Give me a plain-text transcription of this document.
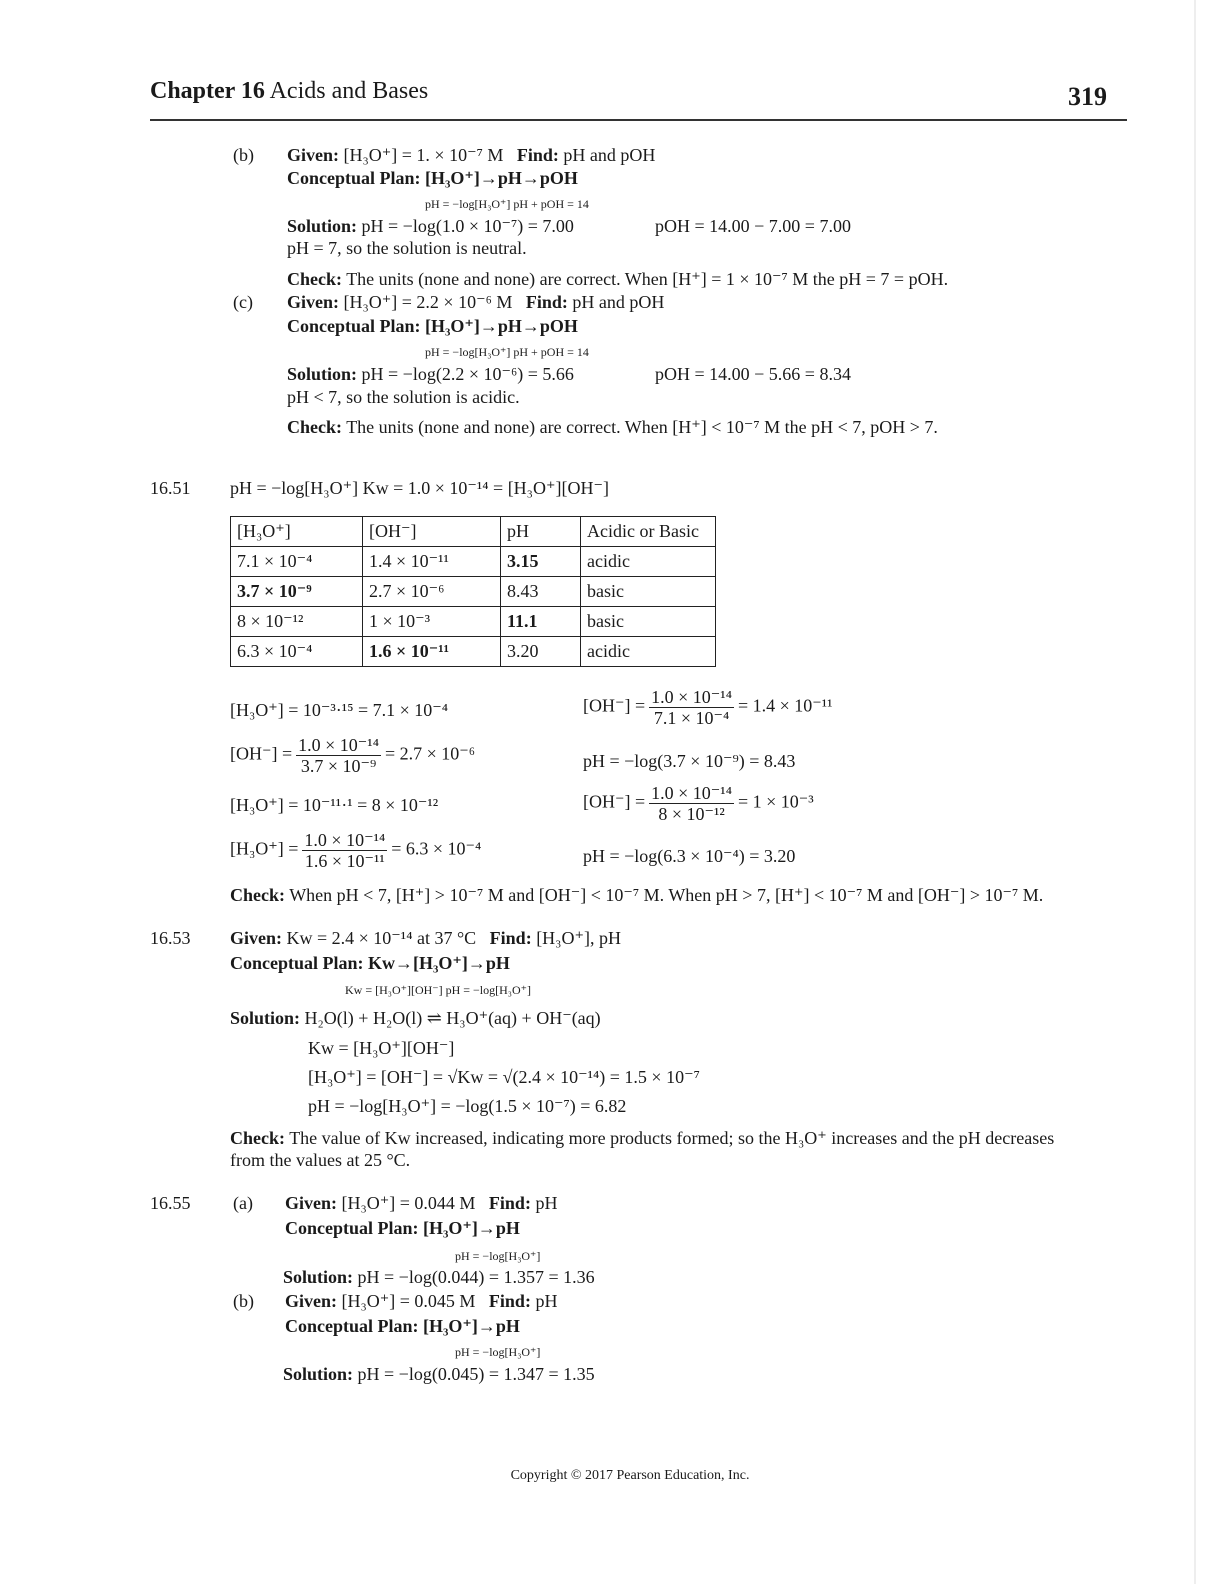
Chapter 16 Acids and Bases	319
(b) Given: [H₃O⁺] = 1. × 10⁻⁷ M Find: pH and pOH
Conceptual Plan: [H₃O⁺]→pH→pOH
pH = −log[H₃O⁺] pH + pOH = 14
Solution: pH = −log(1.0 × 10⁻⁷) = 7.00	pOH = 14.00 − 7.00 = 7.00
pH = 7, so the solution is neutral.
Check: The units (none and none) are correct. When [H⁺] = 1 × 10⁻⁷ M the pH = 7 = pOH.
(c) Given: [H₃O⁺] = 2.2 × 10⁻⁶ M Find: pH and pOH
Conceptual Plan: [H₃O⁺]→pH→pOH
pH = −log[H₃O⁺] pH + pOH = 14
Solution: pH = −log(2.2 × 10⁻⁶) = 5.66	pOH = 14.00 − 5.66 = 8.34
pH < 7, so the solution is acidic.
Check: The units (none and none) are correct. When [H⁺] < 10⁻⁷ M the pH < 7, pOH > 7.
16.51 pH = −log[H₃O⁺] Kw = 1.0 × 10⁻¹⁴ = [H₃O⁺][OH⁻]
[H₃O⁺]	[OH⁻]	pH	Acidic or Basic
7.1 × 10⁻⁴	1.4 × 10⁻¹¹	3.15	acidic
3.7 × 10⁻⁹	2.7 × 10⁻⁶	8.43	basic
8 × 10⁻¹²	1 × 10⁻³	11.1	basic
6.3 × 10⁻⁴	1.6 × 10⁻¹¹	3.20	acidic
[H₃O⁺] = 10⁻³·¹⁵ = 7.1 × 10⁻⁴	$[OH^-] = \frac{\text{1.0 × 10⁻¹⁴}}{\text{7.1 × 10⁻⁴}} = 1.4 \times 10^{-11}$
$[OH^-] = \frac{\text{1.0 × 10⁻¹⁴}}{\text{3.7 × 10⁻⁹}} = 2.7 \times 10^{-6}$	pH = −log(3.7 × 10⁻⁹) = 8.43
[H₃O⁺] = 10⁻¹¹·¹ = 8 × 10⁻¹²	$[OH^-] = \frac{\text{1.0 × 10⁻¹⁴}}{\text{8 × 10⁻¹²}} = 1 \times 10^{-3}$
$[H_3O^+] = \frac{\text{1.0 × 10⁻¹⁴}}{\text{1.6 × 10⁻¹¹}} = 6.3 \times 10^{-4}$	pH = −log(6.3 × 10⁻⁴) = 3.20
Check: When pH < 7, [H⁺] > 10⁻⁷ M and [OH⁻] < 10⁻⁷ M. When pH > 7, [H⁺] < 10⁻⁷ M and [OH⁻] > 10⁻⁷ M.
16.53 Given: Kw = 2.4 × 10⁻¹⁴ at 37 °C Find: [H₃O⁺], pH
Conceptual Plan: Kw→[H₃O⁺]→pH
Kw = [H₃O⁺][OH⁻] pH = −log[H₃O⁺]
Solution: H₂O(l) + H₂O(l) ⇌ H₃O⁺(aq) + OH⁻(aq)
Kw = [H₃O⁺][OH⁻]
[H₃O⁺] = [OH⁻] = √Kw = √(2.4 × 10⁻¹⁴) = 1.5 × 10⁻⁷
pH = −log[H₃O⁺] = −log(1.5 × 10⁻⁷) = 6.82
Check: The value of Kw increased, indicating more products formed; so the H₃O⁺ increases and the pH decreases
from the values at 25 °C.
16.55 (a) Given: [H₃O⁺] = 0.044 M Find: pH
Conceptual Plan: [H₃O⁺]→pH
pH = −log[H₃O⁺]
Solution: pH = −log(0.044) = 1.357 = 1.36
(b) Given: [H₃O⁺] = 0.045 M Find: pH
Conceptual Plan: [H₃O⁺]→pH
pH = −log[H₃O⁺]
Solution: pH = −log(0.045) = 1.347 = 1.35
Copyright © 2017 Pearson Education, Inc.
